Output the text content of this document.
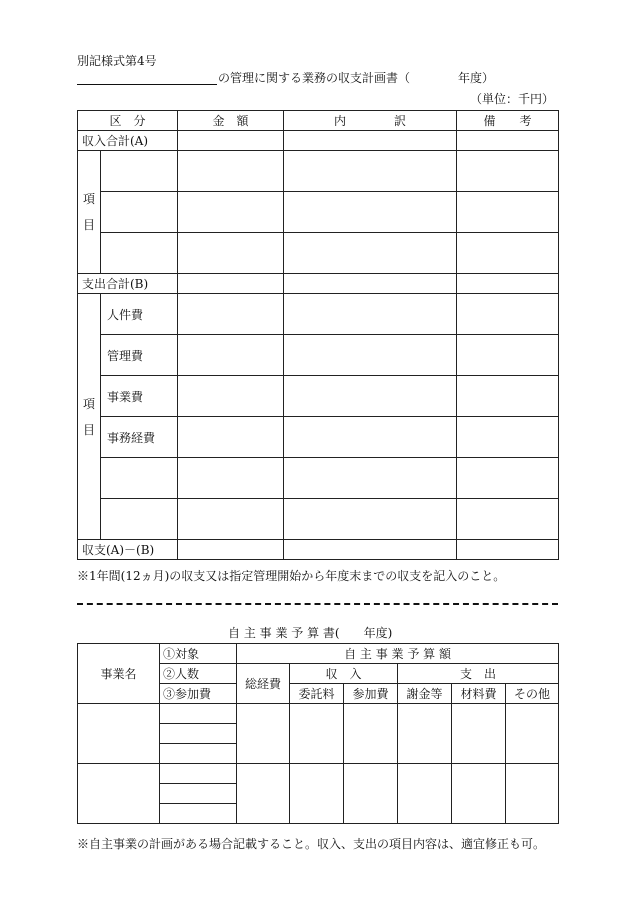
別記様式第4号
の管理に関する業務の収支計画書（　　　　年度）
（単位：千円）
区　分		金　額	内　　　　訳	備　　考
収入合計(A)				

項
目				

支出合計(B)				

項
目	人件費			
	管理費			
	事業費			
	事務経費			

収支(A)－(B)				
※1年間(12ヵ月)の収支又は指定管理開始から年度末までの収支を記入のこと。
自 主 事 業 予 算 書(　　年度)
事業名	①対象	自 主 事 業 予 算 額					
	②人数	総経費	収　入		支　出		
	③参加費		委託料	参加費	謝金等	材料費	その他

※自主事業の計画がある場合記載すること。収入、支出の項目内容は、適宜修正も可。
